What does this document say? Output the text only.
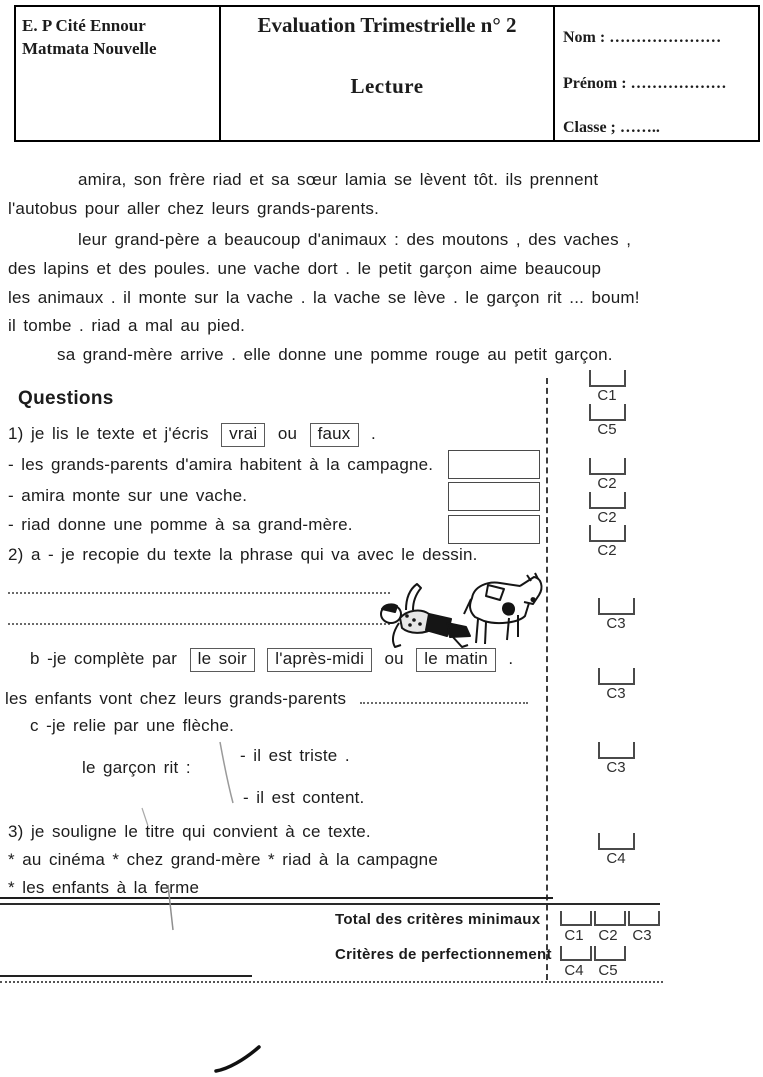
E. P Cité Ennour
Matmata Nouvelle
Evaluation Trimestrielle n° 2
Lecture
Nom : …………………
Prénom : ………………
Classe ; ……..
amira, son frère riad et sa sœur lamia se lèvent tôt. ils prennent
l'autobus pour aller chez leurs grands-parents.
leur grand-père a beaucoup d'animaux : des moutons , des vaches ,
des lapins et des poules. une vache dort . le petit garçon aime beaucoup
les animaux . il monte sur la vache . la vache se lève . le garçon rit ... boum!
il tombe . riad a mal au pied.
sa grand-mère arrive . elle donne une pomme rouge au petit garçon.
Questions
1) je lis le texte et j'écris vrai ou faux .
- les grands-parents d'amira habitent à la campagne.
- amira monte sur une vache.
- riad donne une pomme à sa grand-mère.
2) a - je recopie du texte la phrase qui va avec le dessin.
b -je complète par le soir l'après-midi ou le matin .
les enfants vont chez leurs grands-parents
c -je relie par une flèche.
- il est triste .
le garçon rit :
- il est content.
3) je souligne le titre qui convient à ce texte.
* au cinéma * chez grand-mère * riad à la campagne
* les enfants à la ferme
C1
C5
C2
C2
C2
C3
C3
C3
C4
Total des critères minimaux
Critères de perfectionnement
C1 C2 C3
C4 C5
